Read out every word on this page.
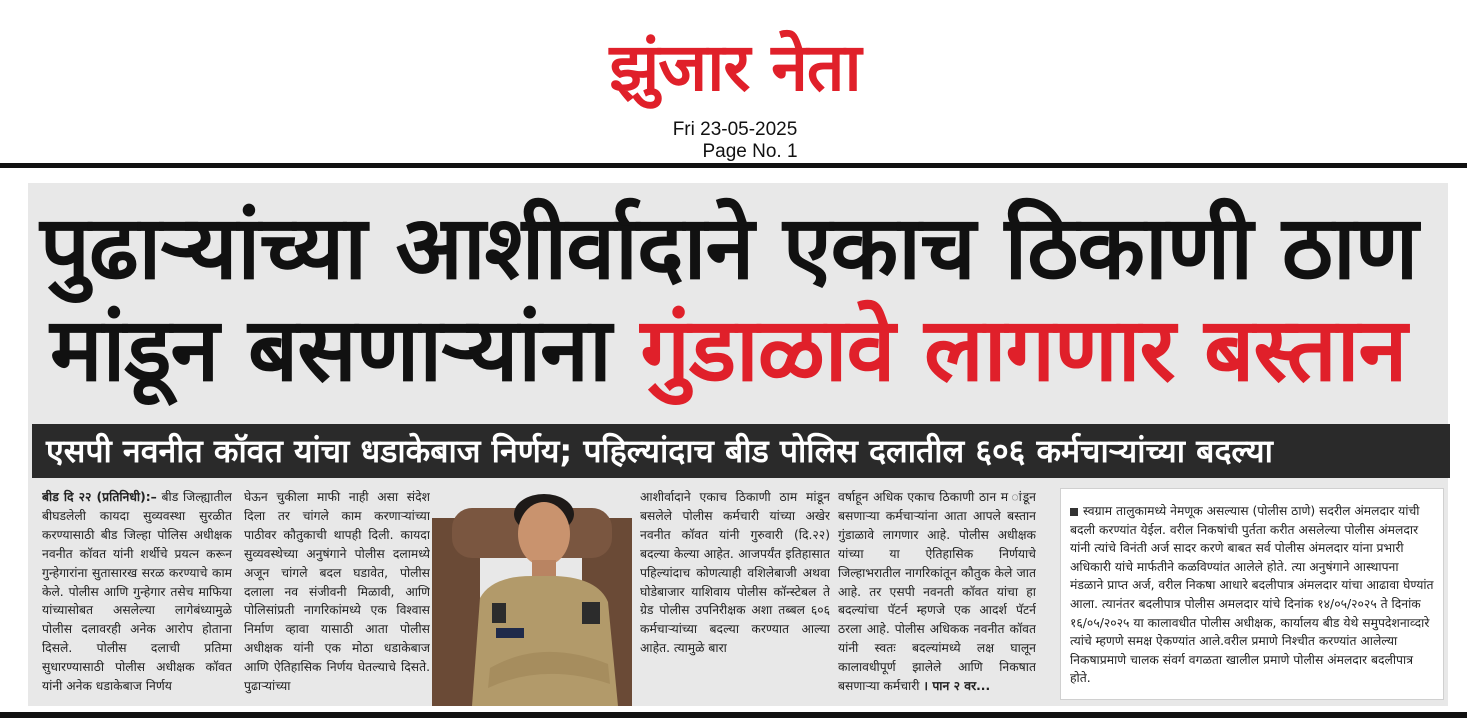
झुंजार नेता
Fri 23-05-2025
Page No. 1
पुढाऱ्यांच्या आशीर्वादाने एकाच ठिकाणी ठाण
मांडून बसणाऱ्यांना गुंडाळावे लागणार बस्तान
एसपी नवनीत कॉवत यांचा धडाकेबाज निर्णय; पहिल्यांदाच बीड पोलिस दलातील ६०६ कर्मचाऱ्यांच्या बदल्या
बीड दि २२ (प्रतिनिधी):– बीड जिल्ह्यातील बीघडलेली कायदा सुव्यवस्था सुरळीत करण्यासाठी बीड जिल्हा पोलिस अधीक्षक नवनीत कॉवत यांनी शर्थीचे प्रयत्न करून गुन्हेगारांना सुतासारख सरळ करण्याचे काम केले. पोलीस आणि गुन्हेगार तसेच माफिया यांच्यासोबत असलेल्या लागेबंध्यामुळे पोलीस दलावरही अनेक आरोप होताना दिसले. पोलीस दलाची प्रतिमा सुधारण्यासाठी पोलीस अधीक्षक कॉवत यांनी अनेक धडाकेबाज निर्णय
घेऊन चुकीला माफी नाही असा संदेश दिला तर चांगले काम करणाऱ्यांच्या पाठीवर कौतुकाची थापही दिली. कायदा सुव्यवस्थेच्या अनुषंगाने पोलीस दलामध्ये अजून चांगले बदल घडावेत, पोलीस दलाला नव संजीवनी मिळावी, आणि पोलिसांप्रती नागरिकांमध्ये एक विश्वास निर्माण व्हावा यासाठी आता पोलीस अधीक्षक यांनी एक मोठा धडाकेबाज आणि ऐतिहासिक निर्णय घेतल्याचे दिसते. पुढाऱ्यांच्या
आशीर्वादाने एकाच ठिकाणी ठाम मांडून बसलेले पोलीस कर्मचारी यांच्या अखेर नवनीत कॉवत यांनी गुरुवारी (दि.२२) बदल्या केल्या आहेत. आजपर्यंत इतिहासात पहिल्यांदाच कोणत्याही वशिलेबाजी अथवा घोडेबाजार याशिवाय पोलीस कॉन्स्टेबल ते ग्रेड पोलीस उपनिरीक्षक अशा तब्बल ६०६ कर्मचाऱ्यांच्या बदल्या करण्यात आल्या आहेत. त्यामुळे बारा
वर्षाहून अधिक एकाच ठिकाणी ठान म ांडून बसणाऱ्या कर्मचाऱ्यांना आता आपले बस्तान गुंडाळावे लागणार आहे. पोलीस अधीक्षक यांच्या या ऐतिहासिक निर्णयाचे जिल्हाभरातील नागरिकांतून कौतुक केले जात आहे. तर एसपी नवनती कॉवत यांचा हा बदल्यांचा पॅटर्न म्हणजे एक आदर्श पॅटर्न ठरला आहे. पोलीस अधिकक नवनीत कॉवत यांनी स्वतः बदल्यांमध्ये लक्ष घालून कालावधीपूर्ण झालेले आणि निकषात बसणाऱ्या कर्मचारी । पान २ वर...
स्वग्राम तालुकामध्ये नेमणूक असल्यास (पोलीस ठाणे) सदरील अंमलदार यांची बदली करण्यांत येईल. वरील निकषांची पुर्तता करीत असलेल्या पोलीस अंमलदार यांनी त्यांचे विनंती अर्ज सादर करणे बाबत सर्व पोलीस अंमलदार यांना प्रभारी अधिकारी यांचे मार्फतीने कळविण्यांत आलेले होते. त्या अनुषंगाने आस्थापना मंडळाने प्राप्त अर्ज, वरील निकषा आधारे बदलीपात्र अंमलदार यांचा आढावा घेण्यांत आला. त्यानंतर बदलीपात्र पोलीस अमलदार यांचे दिनांक १४/०५/२०२५ ते दिनांक १६/०५/२०२५ या कालावधीत पोलीस अधीक्षक, कार्यालय बीड येथे समुपदेशनाव्दारे त्यांचे म्हणणे समक्ष ऐकण्यांत आले.वरील प्रमाणे निश्चीत करण्यांत आलेल्या निकषाप्रमाणे चालक संवर्ग वगळता खालील प्रमाणे पोलीस अंमलदार बदलीपात्र होते.
